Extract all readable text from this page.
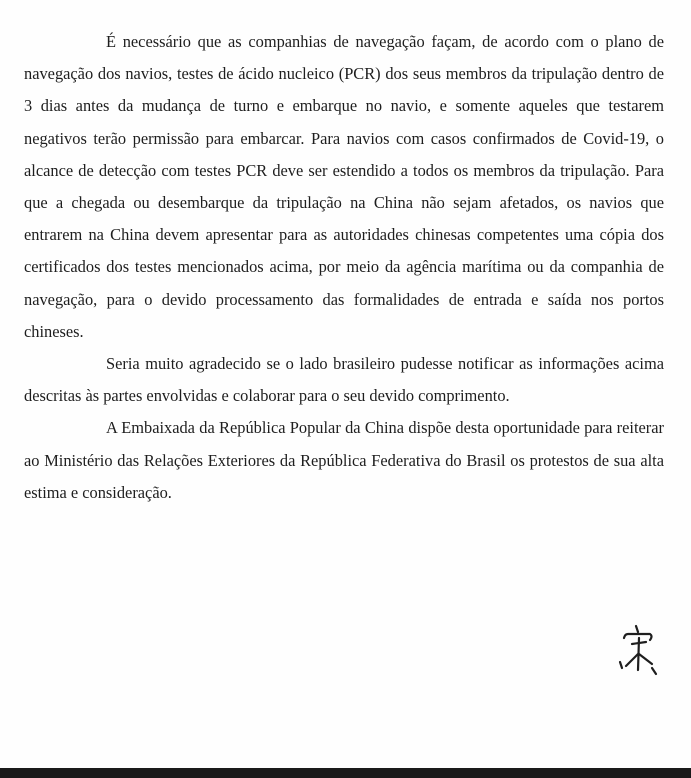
É necessário que as companhias de navegação façam, de acordo com o plano de navegação dos navios, testes de ácido nucleico (PCR) dos seus membros da tripulação dentro de 3 dias antes da mudança de turno e embarque no navio, e somente aqueles que testarem negativos terão permissão para embarcar. Para navios com casos confirmados de Covid-19, o alcance de detecção com testes PCR deve ser estendido a todos os membros da tripulação. Para que a chegada ou desembarque da tripulação na China não sejam afetados, os navios que entrarem na China devem apresentar para as autoridades chinesas competentes uma cópia dos certificados dos testes mencionados acima, por meio da agência marítima ou da companhia de navegação, para o devido processamento das formalidades de entrada e saída nos portos chineses.

Seria muito agradecido se o lado brasileiro pudesse notificar as informações acima descritas às partes envolvidas e colaborar para o seu devido comprimento.

A Embaixada da República Popular da China dispõe desta oportunidade para reiterar ao Ministério das Relações Exteriores da República Federativa do Brasil os protestos de sua alta estima e consideração.
